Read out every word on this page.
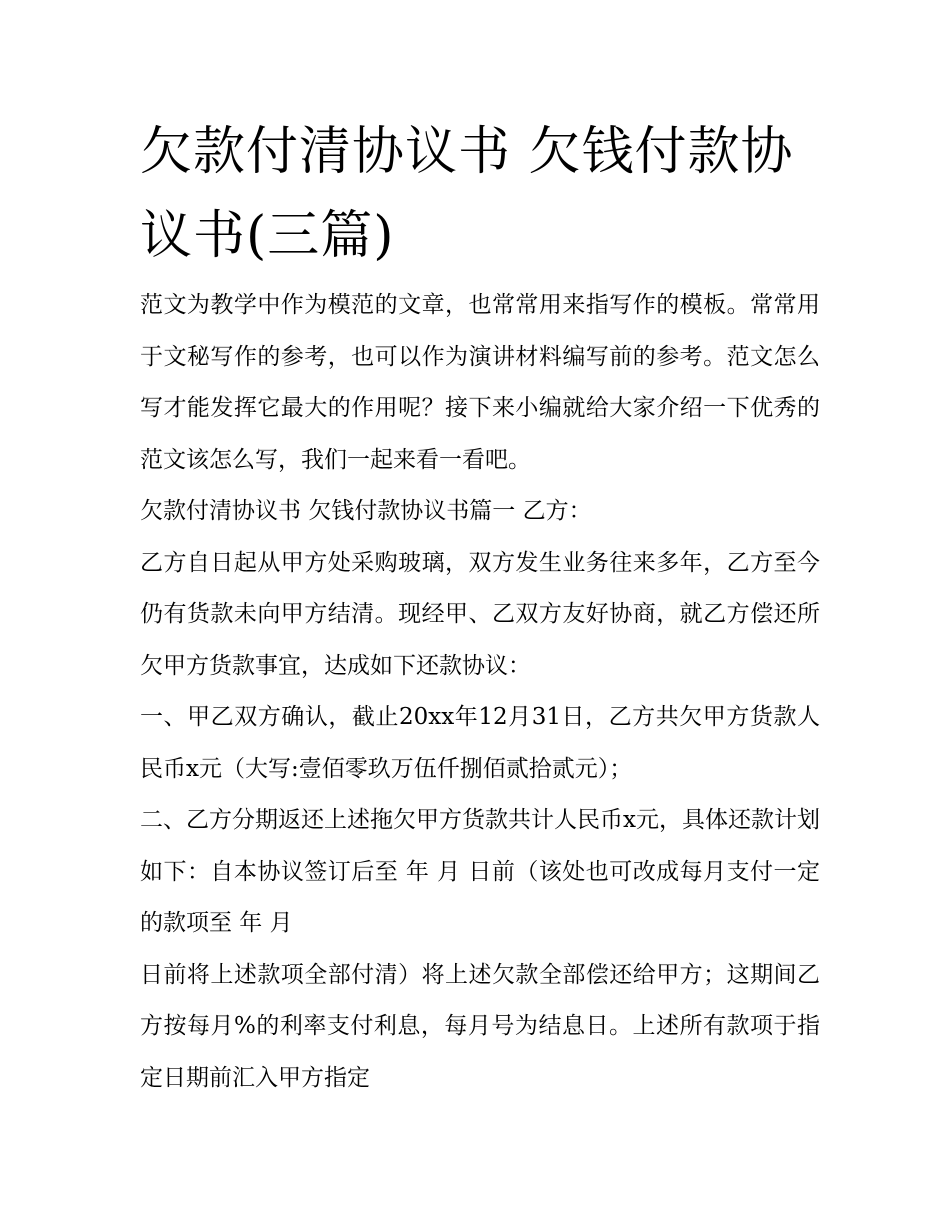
欠款付清协议书 欠钱付款协议书(三篇)

范文为教学中作为模范的文章，也常常用来指写作的模板。常常用于文秘写作的参考，也可以作为演讲材料编写前的参考。范文怎么写才能发挥它最大的作用呢？接下来小编就给大家介绍一下优秀的范文该怎么写，我们一起来看一看吧。

欠款付清协议书 欠钱付款协议书篇一 乙方：

乙方自日起从甲方处采购玻璃，双方发生业务往来多年，乙方至今仍有货款未向甲方结清。现经甲、乙双方友好协商，就乙方偿还所欠甲方货款事宜，达成如下还款协议：

一、甲乙双方确认，截止20xx年12月31日，乙方共欠甲方货款人民币x元（大写:壹佰零玖万伍仟捌佰贰拾贰元）；

二、乙方分期返还上述拖欠甲方货款共计人民币x元，具体还款计划如下：自本协议签订后至 年 月 日前（该处也可改成每月支付一定的款项至 年 月

日前将上述款项全部付清）将上述欠款全部偿还给甲方；这期间乙方按每月%的利率支付利息，每月号为结息日。上述所有款项于指定日期前汇入甲方指定
